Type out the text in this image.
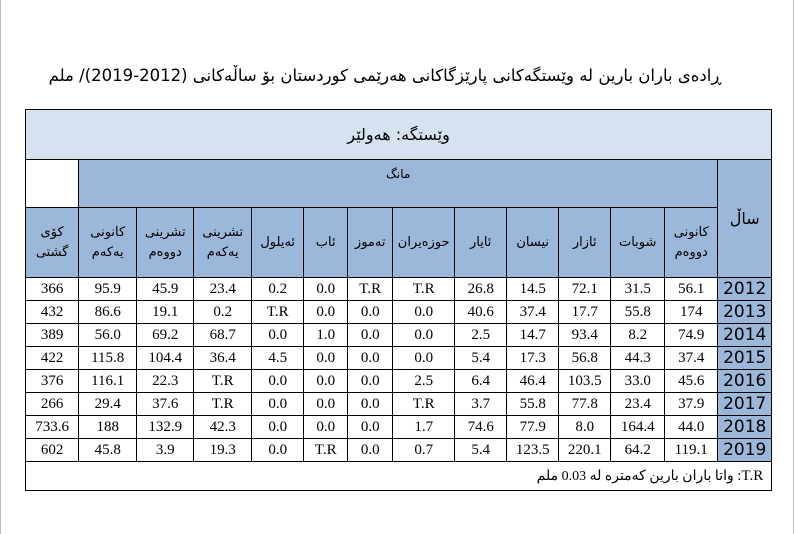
ڕادەی باران بارین لە وێستگەکانی پارێزگاکانی هەرێمی کوردستان بۆ ساڵەکانی (2012-2019)/ ملم
وێستگە: هەولێر													
ساڵ	مانگ												
	کانونی دووەم	شوبات	ئازار	نیسان	ئایار	حوزەیران	تەموز	ئاب	ئەیلول	تشرینی یەکەم	تشرینی دووەم	کانونی یەکەم	کۆی گشتی
2012	56.1	31.5	72.1	14.5	26.8	T.R	T.R	0.0	0.2	23.4	45.9	95.9	366
2013	174	55.8	17.7	37.4	40.6	0.0	0.0	0.0	T.R	0.2	19.1	86.6	432
2014	74.9	8.2	93.4	14.7	2.5	0.0	0.0	1.0	0.0	68.7	69.2	56.0	389
2015	37.4	44.3	56.8	17.3	5.4	0.0	0.0	0.0	4.5	36.4	104.4	115.8	422
2016	45.6	33.0	103.5	46.4	6.4	2.5	0.0	0.0	0.0	T.R	22.3	116.1	376
2017	37.9	23.4	77.8	55.8	3.7	T.R	0.0	0.0	0.0	T.R	37.6	29.4	266
2018	44.0	164.4	8.0	77.9	74.6	1.7	0.0	0.0	0.0	42.3	132.9	188	733.6
2019	119.1	64.2	220.1	123.5	5.4	0.7	0.0	T.R	0.0	19.3	3.9	45.8	602
T.R: واتا باران بارین کەمترە لە 0.03 ملم													
